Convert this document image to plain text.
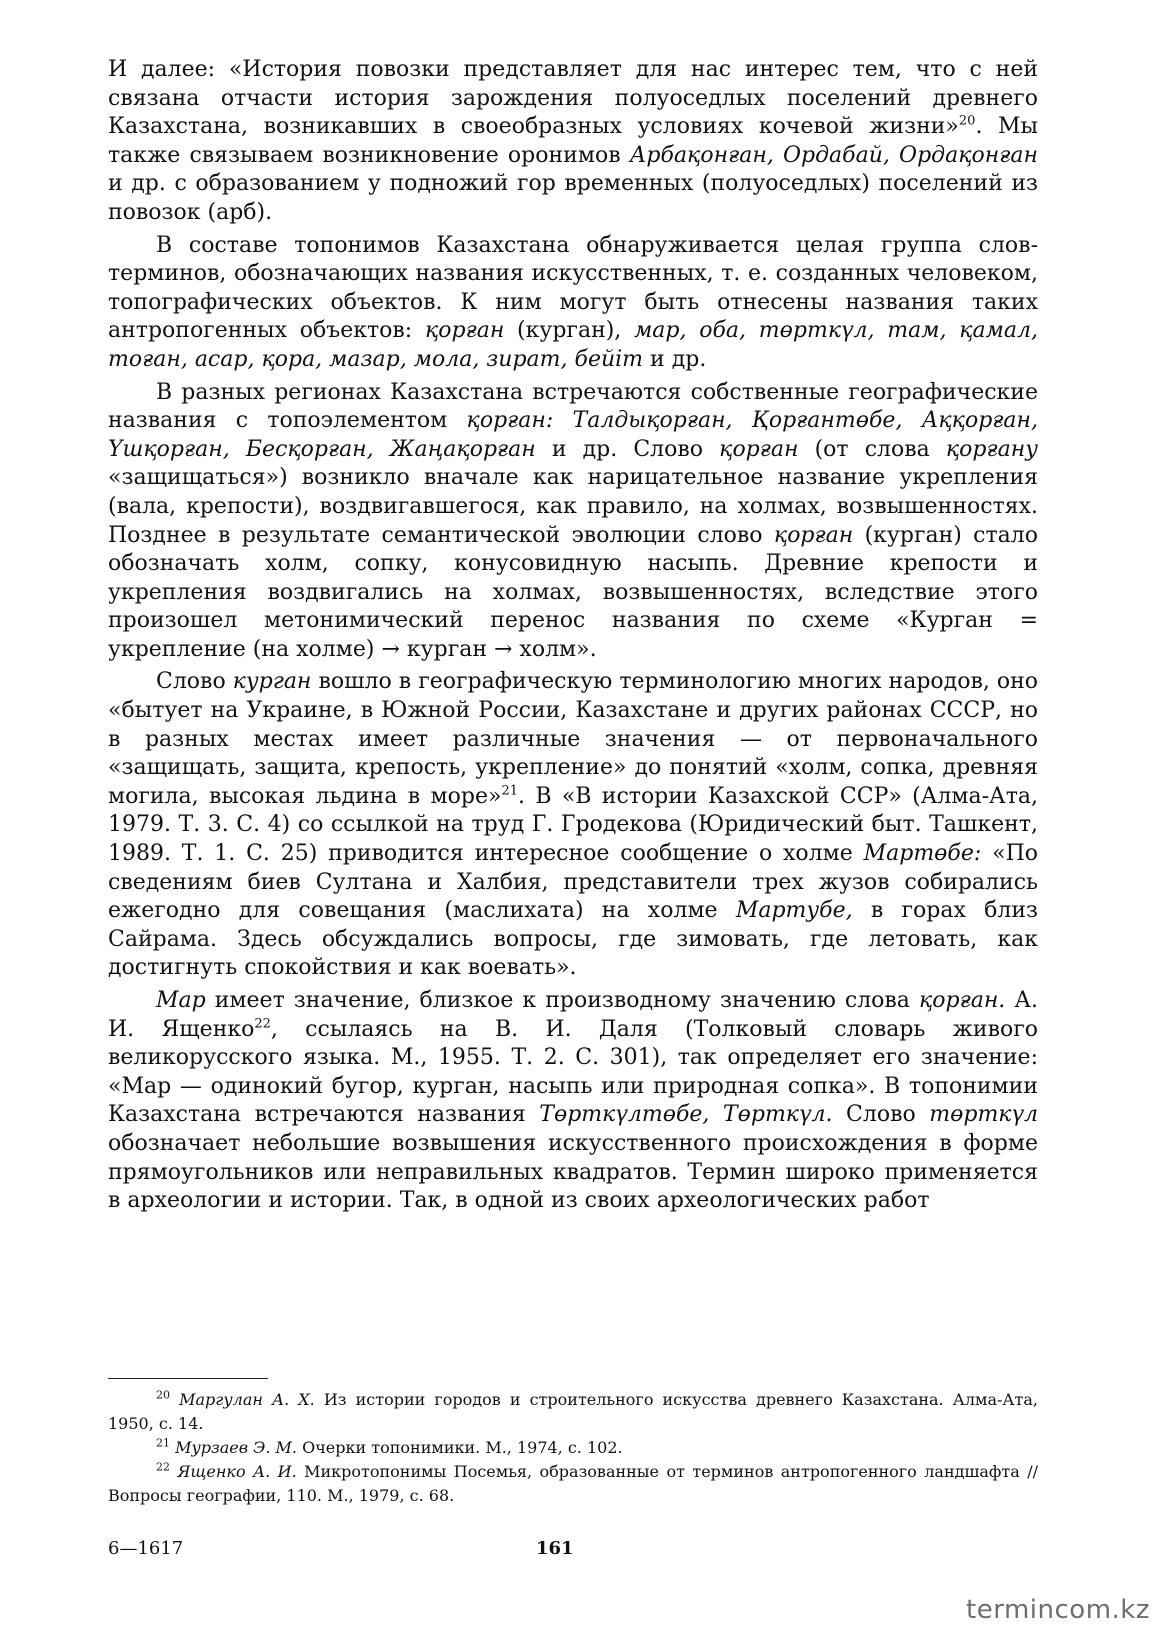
И далее: «История повозки представляет для нас интерес тем, что с ней связана отчасти история зарождения полуоседлых поселений древнего Казахстана, возникавших в своеобразных условиях кочевой жизни»$^{20}$. Мы также связываем возникновение оронимов Арбақонған, Ордабай, Ордақонған и др. с образованием у подножий гор временных (полуоседлых) поселений из повозок (арб).

В составе топонимов Казахстана обнаруживается целая группа слов-терминов, обозначающих названия искусственных, т. е. созданных человеком, топографических объектов. К ним могут быть отнесены названия таких антропогенных объектов: қорған (курган), мар, оба, төрткүл, там, қамал, тоған, асар, қора, мазар, мола, зират, бейіт и др.

В разных регионах Казахстана встречаются собственные географические названия с топоэлементом қорған: Талдықорған, Қорғантөбе, Аққорған, Үшқорған, Бесқорған, Жаңақорған и др. Слово қорған (от слова қорғану «защищаться») возникло вначале как нарицательное название укрепления (вала, крепости), воздвигавшегося, как правило, на холмах, возвышенностях. Позднее в результате семантической эволюции слово қорған (курган) стало обозначать холм, сопку, конусовидную насыпь. Древние крепости и укрепления воздвигались на холмах, возвышенностях, вследствие этого произошел метонимический перенос названия по схеме «Курган = укрепление (на холме) → курган → холм».

Слово курган вошло в географическую терминологию многих народов, оно «бытует на Украине, в Южной России, Казахстане и других районах СССР, но в разных местах имеет различные значения — от первоначального «защищать, защита, крепость, укрепление» до понятий «холм, сопка, древняя могила, высокая льдина в море»$^{21}$. В «В истории Казахской ССР» (Алма-Ата, 1979. Т. 3. С. 4) со ссылкой на труд Г. Гродекова (Юридический быт. Ташкент, 1989. Т. 1. С. 25) приводится интересное сообщение о холме Мартөбе: «По сведениям биев Султана и Халбия, представители трех жузов собирались ежегодно для совещания (маслихата) на холме Мартубе, в горах близ Сайрама. Здесь обсуждались вопросы, где зимовать, где летовать, как достигнуть спокойствия и как воевать».

Мар имеет значение, близкое к производному значению слова қорған. А. И. Ященко$^{22}$, ссылаясь на В. И. Даля (Толковый словарь живого великорусского языка. М., 1955. Т. 2. С. 301), так определяет его значение: «Мар — одинокий бугор, курган, насыпь или природная сопка». В топонимии Казахстана встречаются названия Төрткүлтөбе, Төрткүл. Слово төрткүл обозначает небольшие возвышения искусственного происхождения в форме прямоугольников или неправильных квадратов. Термин широко применяется в археологии и истории. Так, в одной из своих археологических работ

$^{20}$ Маргулан А. Х. Из истории городов и строительного искусства древнего Казахстана. Алма-Ата, 1950, с. 14.

$^{21}$ Мурзаев Э. М. Очерки топонимики. М., 1974, с. 102.

$^{22}$ Ященко А. И. Микротопонимы Посемья, образованные от терминов антропогенного ландшафта // Вопросы географии, 110. М., 1979, с. 68.

6—1617	161
termincom.kz
